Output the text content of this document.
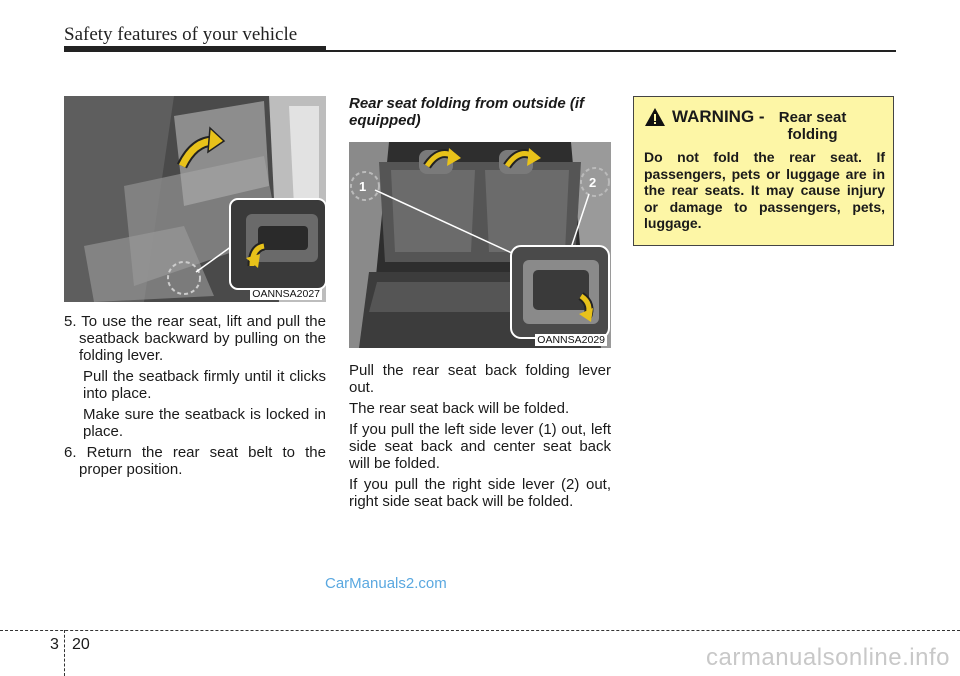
Safety features of your vehicle
OANNSA2027

5. To use the rear seat, lift and pull the seatback backward by pulling on the folding lever.

Pull the seatback firmly until it clicks into place.

Make sure the seatback is locked in place.

6. Return the rear seat belt to the proper position.

Rear seat folding from outside (if equipped)
1	2
OANNSA2029

Pull the rear seat back folding lever out.

The rear seat back will be folded.

If you pull the left side lever (1) out, left side seat back and center seat back will be folded.

If you pull the right side lever (2) out, right side seat back will be folded.

WARNING - Rear seat folding
Do not fold the rear seat. If passengers, pets or luggage are in the rear seats. It may cause injury or damage to passengers, pets, luggage.
CarManuals2.com
3 20	carmanualsonline.info
